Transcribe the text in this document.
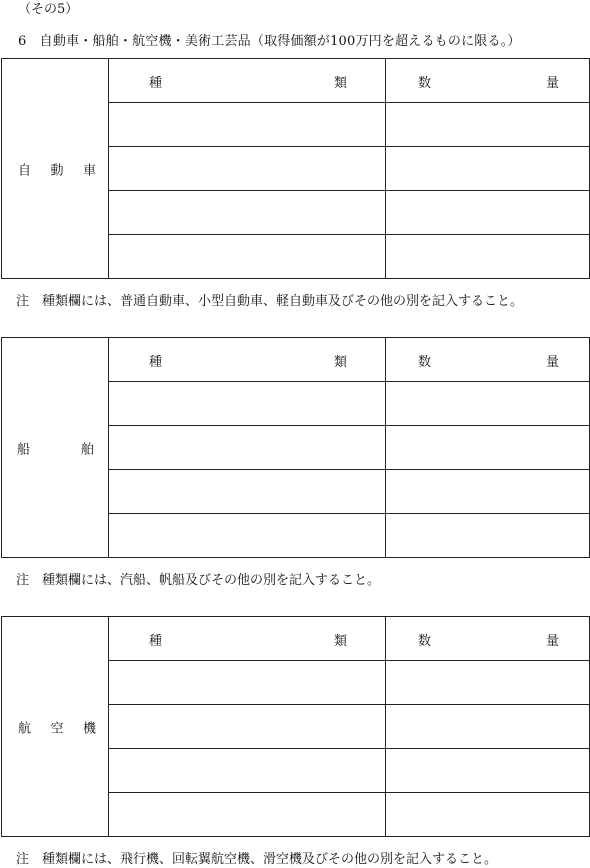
（その5）
6　自動車・船舶・航空機・美術工芸品（取得価額が100万円を超えるものに限る。）
自 動 車	種 類	数 量

注　種類欄には、普通自動車、小型自動車、軽自動車及びその他の別を記入すること。
船 舶	種 類	数 量

注　種類欄には、汽船、帆船及びその他の別を記入すること。
航 空 機	種 類	数 量

注　種類欄には、飛行機、回転翼航空機、滑空機及びその他の別を記入すること。
